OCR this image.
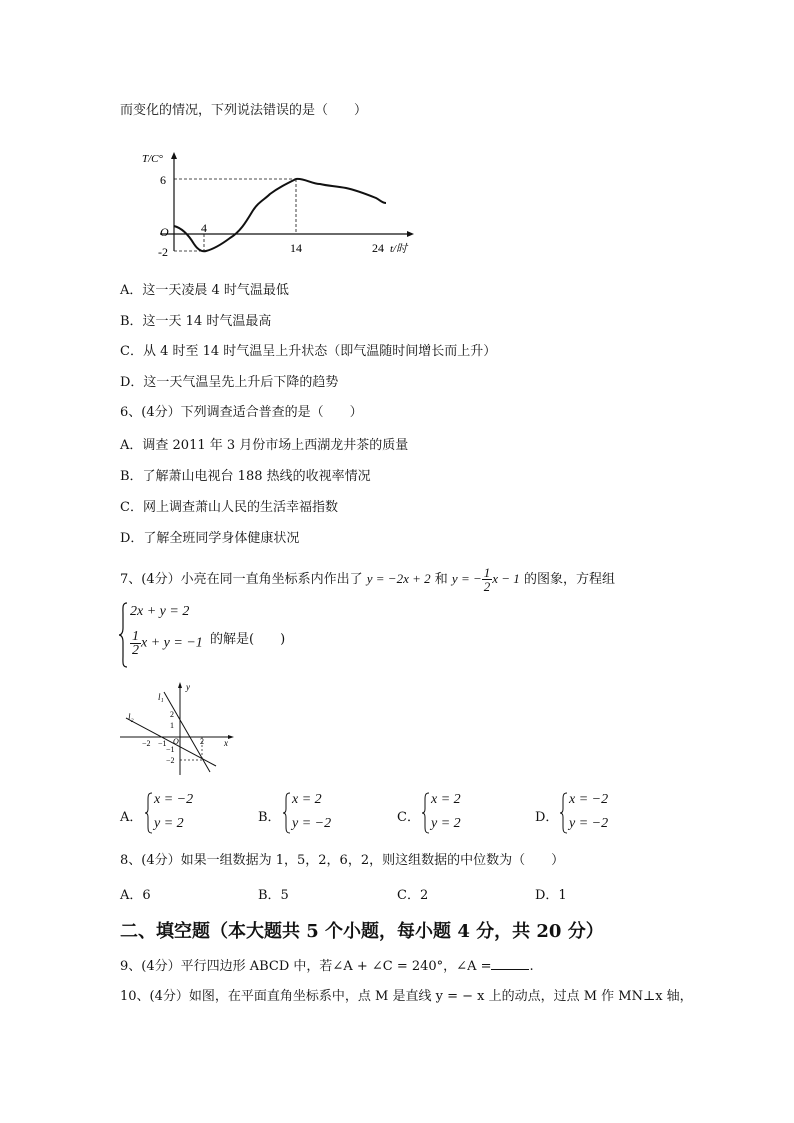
而变化的情况，下列说法错误的是（　　）
T/C°
6
-2
O	4
14	24 t/时
A．这一天凌晨 4 时气温最低
B．这一天 14 时气温最高
C．从 4 时至 14 时气温呈上升状态（即气温随时间增长而上升）
D．这一天气温呈先上升后下降的趋势
6、(4分）下列调查适合普查的是（　　）
A．调查 2011 年 3 月份市场上西湖龙井茶的质量
B．了解萧山电视台 188 热线的收视率情况
C．网上调查萧山人民的生活幸福指数
D．了解全班同学身体健康状况
7、(4分）小亮在同一直角坐标系内作出了 y = −2x + 2 和 y = − $\frac{1}{2}$ x − 1 的图象，方程组
2x + y = 2
$\frac{1}{2}$ x + y = −1 的解是(　　)
y
x
l₁
l₂	2
1
O
−2 −1	2
−1
−2
A．
x = −2
y = 2	B．
x = 2
y = −2	C．
x = 2
y = 2	D．
x = −2
y = −2
8、(4分）如果一组数据为 1，5，2，6，2，则这组数据的中位数为（　　）
A．6	B．5	C．2	D．1
二、填空题（本大题共 5 个小题，每小题 4 分，共 20 分）
9、(4分）平行四边形 ABCD 中，若∠A + ∠C = 240°，∠A =	.
10、(4分）如图，在平面直角坐标系中，点 M 是直线 y = − x 上的动点，过点 M 作 MN⊥x 轴，
